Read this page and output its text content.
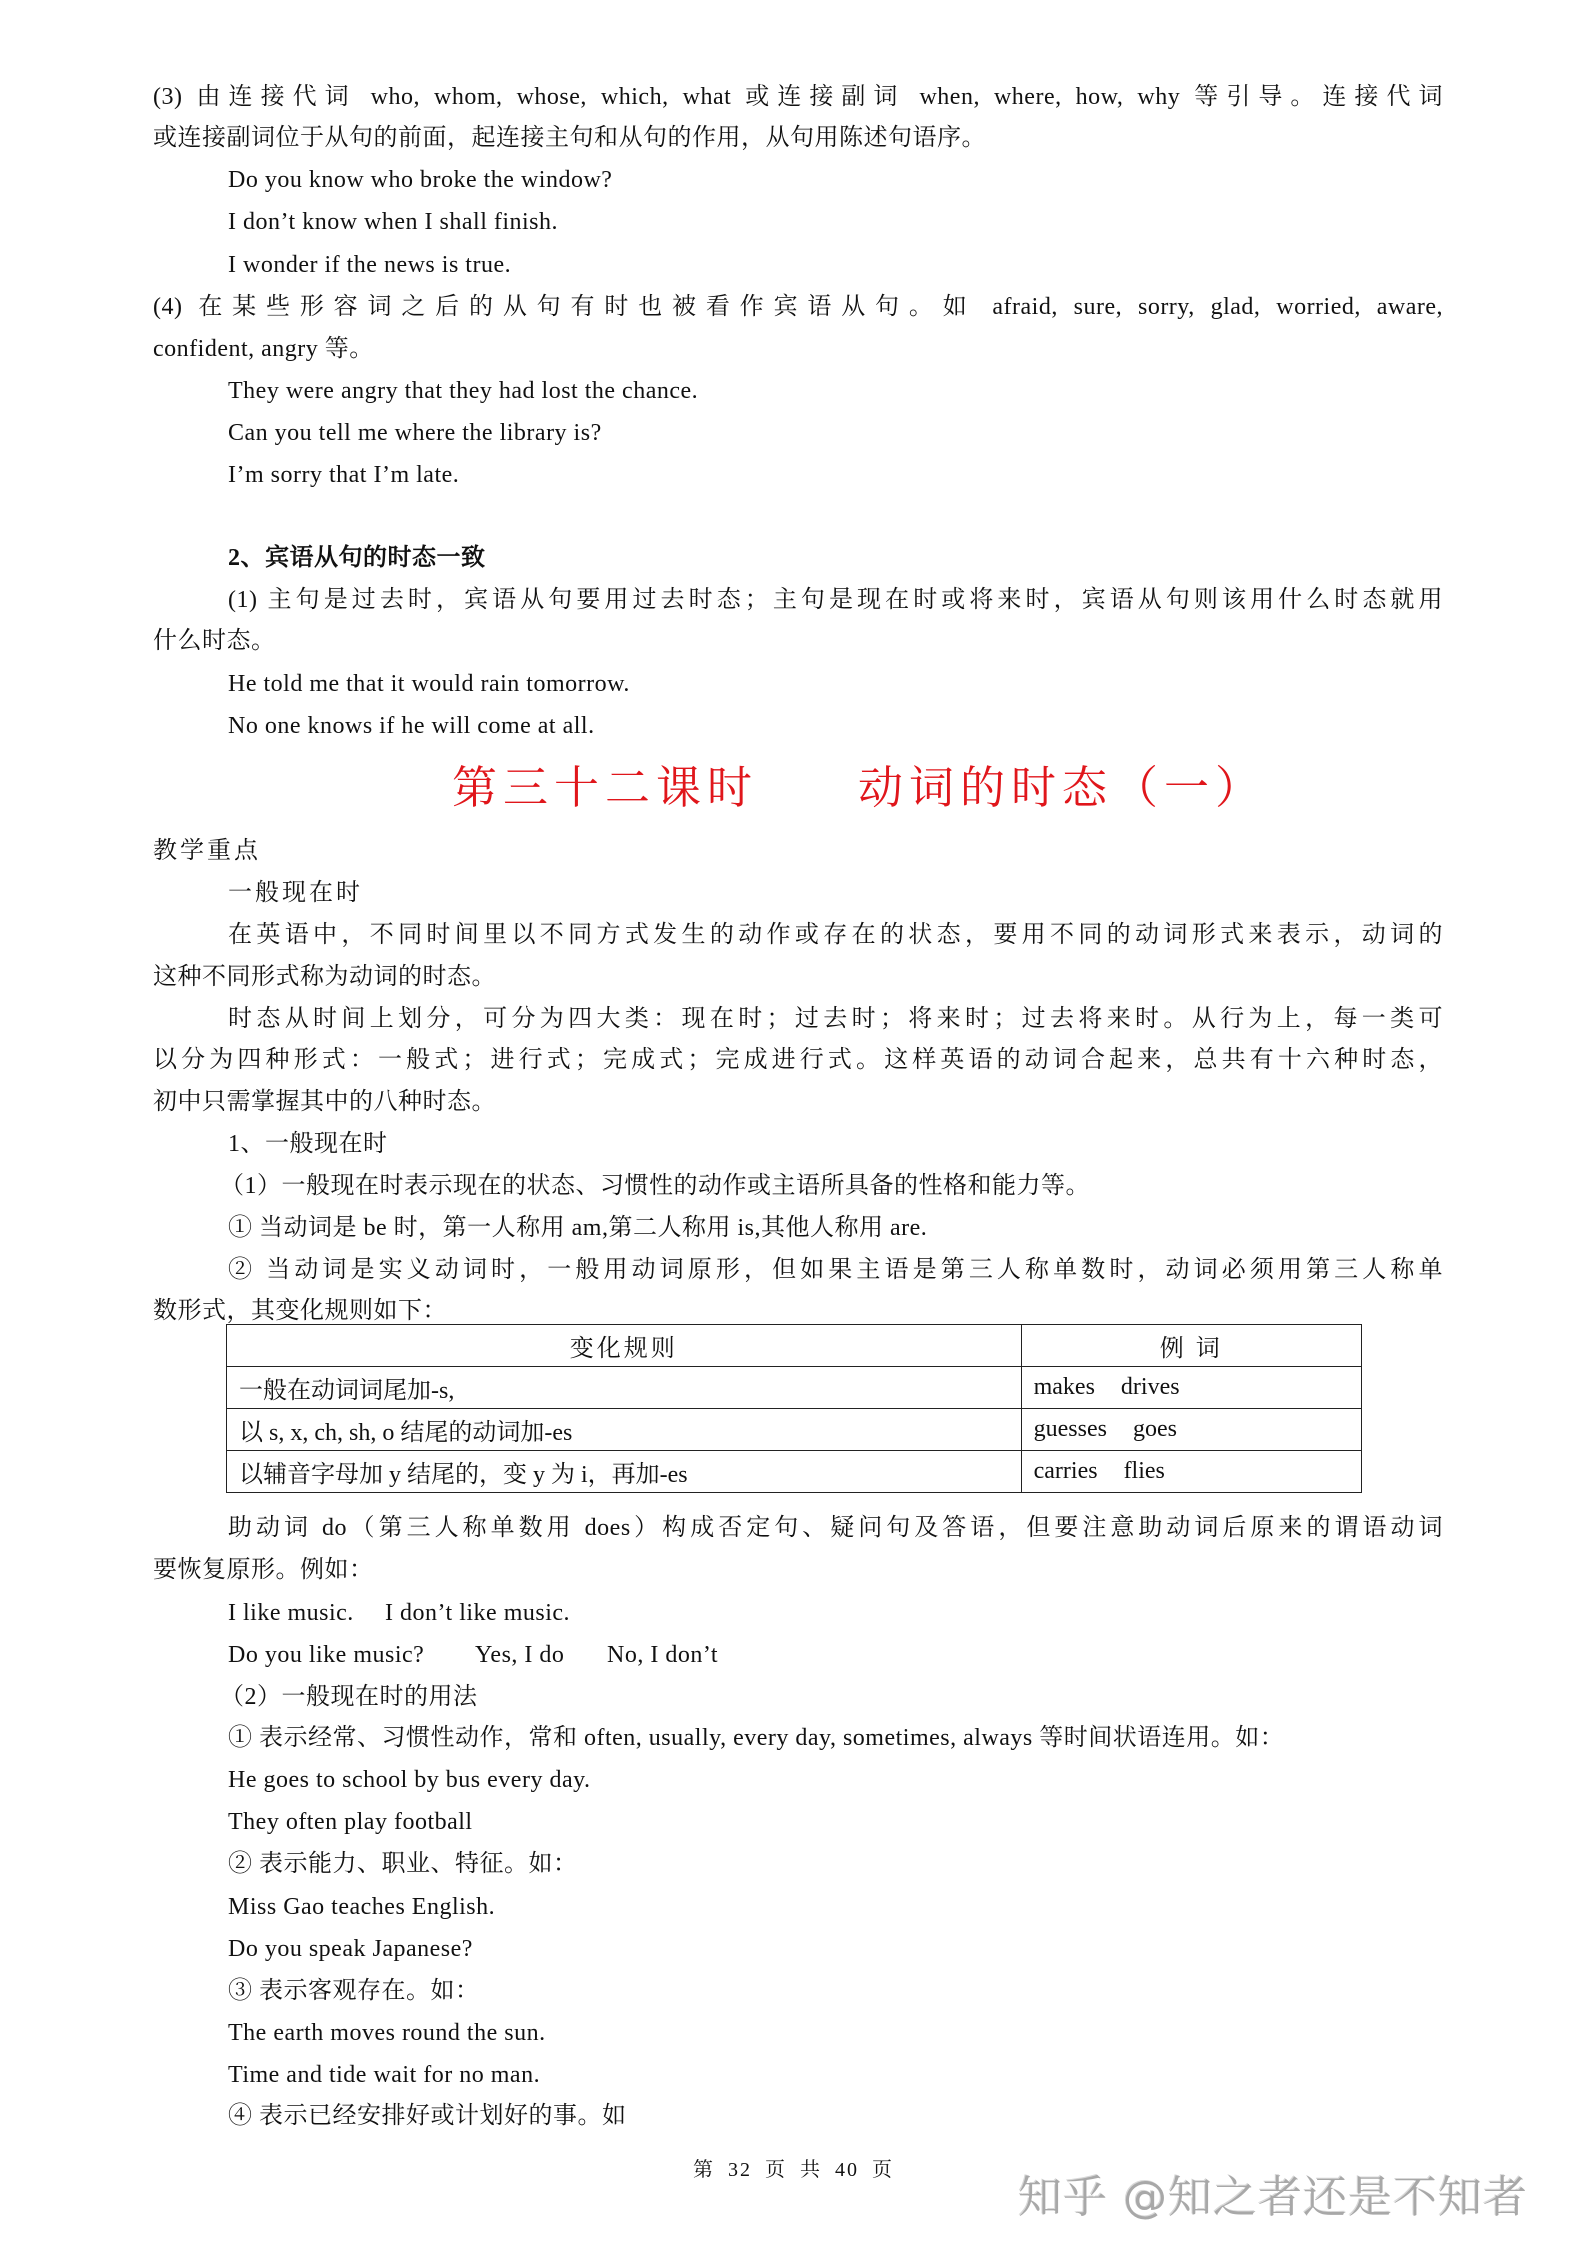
(3) 由连接代词 who, whom, whose, which, what 或连接副词 when, where, how, why 等引导。连接代词
或连接副词位于从句的前面，起连接主句和从句的作用，从句用陈述句语序。
Do you know who broke the window?
I don’t know when I shall finish.
I wonder if the news is true.
(4) 在某些形容词之后的从句有时也被看作宾语从句。如 afraid, sure, sorry, glad, worried, aware,
confident, angry 等。
They were angry that they had lost the chance.
Can you tell me where the library is?
I’m sorry that I’m late.
2、宾语从句的时态一致
(1) 主句是过去时，宾语从句要用过去时态；主句是现在时或将来时，宾语从句则该用什么时态就用
什么时态。
He told me that it would rain tomorrow.
No one knows if he will come at all.
第三十二课时 动词的时态（一）
教学重点
一般现在时
在英语中，不同时间里以不同方式发生的动作或存在的状态，要用不同的动词形式来表示，动词的
这种不同形式称为动词的时态。
时态从时间上划分，可分为四大类：现在时；过去时；将来时；过去将来时。从行为上，每一类可
以分为四种形式：一般式；进行式；完成式；完成进行式。这样英语的动词合起来，总共有十六种时态，
初中只需掌握其中的八种时态。
1、一般现在时
（1）一般现在时表示现在的状态、习惯性的动作或主语所具备的性格和能力等。
① 当动词是 be 时，第一人称用 am,第二人称用 is,其他人称用 are.
② 当动词是实义动词时，一般用动词原形，但如果主语是第三人称单数时，动词必须用第三人称单
数形式，其变化规则如下：
变化规则	例 词
一般在动词词尾加-s,	makes drives
以 s, x, ch, sh, o 结尾的动词加-es	guesses goes
以辅音字母加 y 结尾的，变 y 为 i，再加-es	carries flies
助动词 do（第三人称单数用 does）构成否定句、疑问句及答语，但要注意助动词后原来的谓语动词
要恢复原形。例如：
I like music. I don’t like music.
Do you like music? Yes, I do No, I don’t
（2）一般现在时的用法
① 表示经常、习惯性动作，常和 often, usually, every day, sometimes, always 等时间状语连用。如：
He goes to school by bus every day.
They often play football
② 表示能力、职业、特征。如：
Miss Gao teaches English.
Do you speak Japanese?
③ 表示客观存在。如：
The earth moves round the sun.
Time and tide wait for no man.
④ 表示已经安排好或计划好的事。如
第 32 页 共 40 页
知乎 @知之者还是不知者
